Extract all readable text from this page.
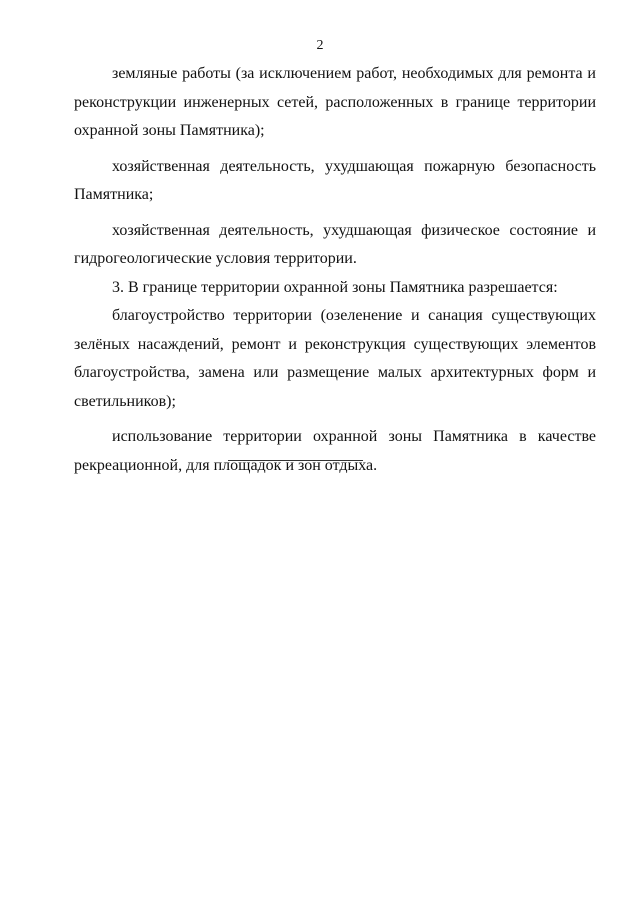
2

земляные работы (за исключением работ, необходимых для ремонта и реконструкции инженерных сетей, расположенных в границе территории охранной зоны Памятника);

хозяйственная деятельность, ухудшающая пожарную безопасность Памятника;

хозяйственная деятельность, ухудшающая физическое состояние и гидрогеологические условия территории.

3. В границе территории охранной зоны Памятника разрешается:

благоустройство территории (озеленение и санация существующих зелёных насаждений, ремонт и реконструкция существующих элементов благоустройства, замена или размещение малых архитектурных форм и светильников);

использование территории охранной зоны Памятника в качестве рекреационной, для площадок и зон отдыха.
